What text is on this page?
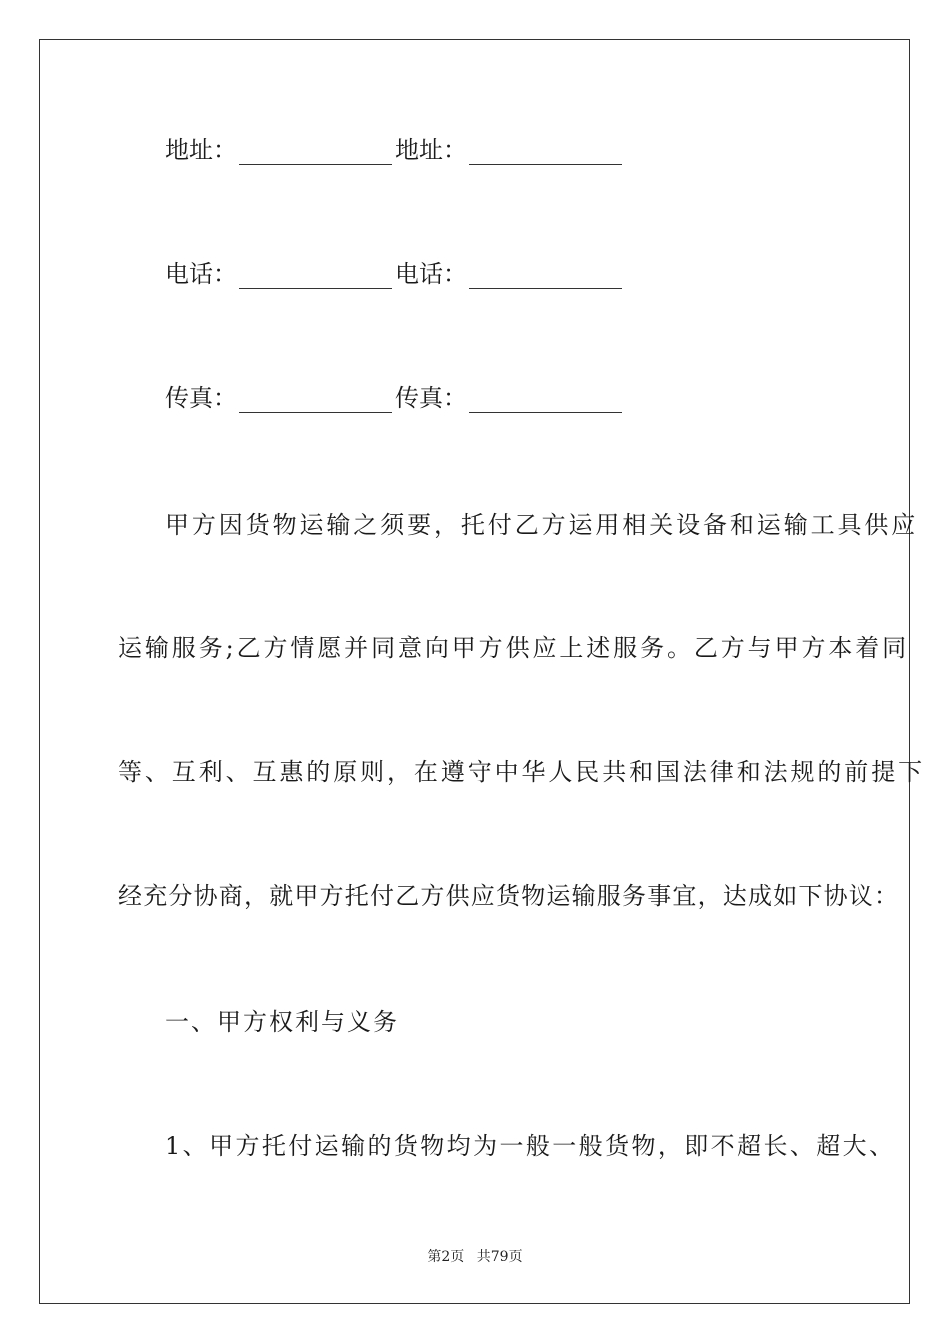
地址：	地址：
电话：	电话：
传真：	传真：
甲方因货物运输之须要，托付乙方运用相关设备和运输工具供应
运输服务;乙方情愿并同意向甲方供应上述服务。乙方与甲方本着同
等、互利、互惠的原则，在遵守中华人民共和国法律和法规的前提下
经充分协商，就甲方托付乙方供应货物运输服务事宜，达成如下协议：
一、甲方权利与义务
1、甲方托付运输的货物均为一般一般货物，即不超长、超大、
第2页 共79页
